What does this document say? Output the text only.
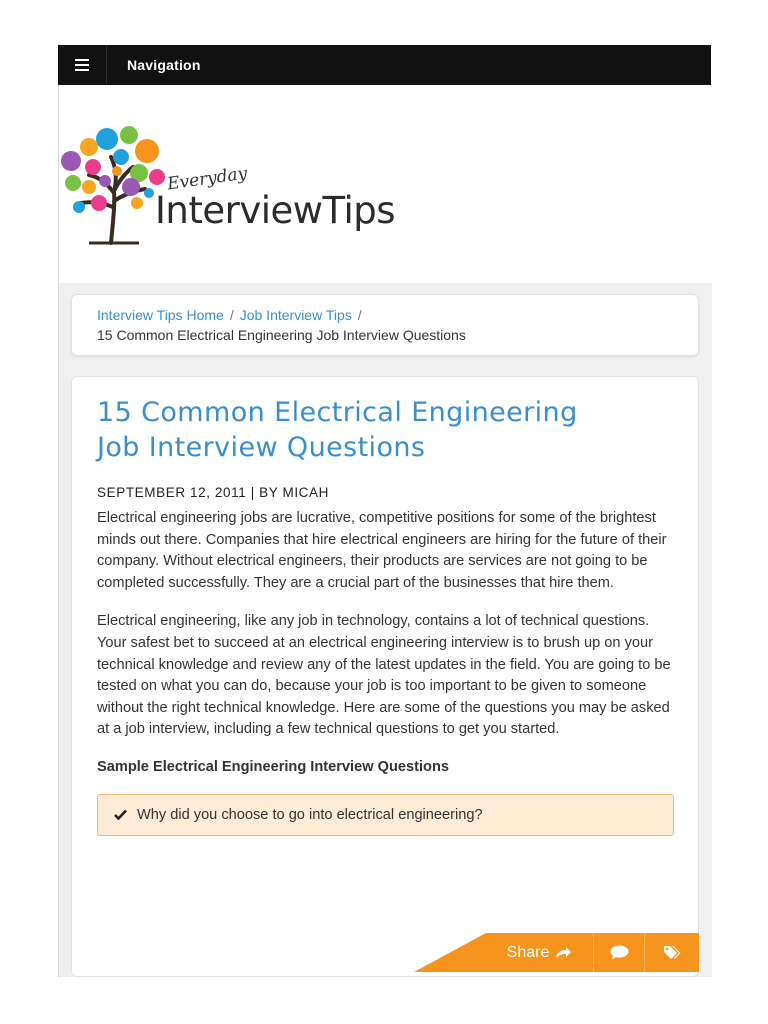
Navigation
Everyday
InterviewTips
Interview Tips Home / Job Interview Tips /
15 Common Electrical Engineering Job Interview Questions
15 Common Electrical Engineering Job Interview Questions
SEPTEMBER 12, 2011 | BY MICAH

Electrical engineering jobs are lucrative, competitive positions for some of the brightest minds out there. Companies that hire electrical engineers are hiring for the future of their company. Without electrical engineers, their products are services are not going to be completed successfully. They are a crucial part of the businesses that hire them.

Electrical engineering, like any job in technology, contains a lot of technical questions. Your safest bet to succeed at an electrical engineering interview is to brush up on your technical knowledge and review any of the latest updates in the field. You are going to be tested on what you can do, because your job is too important to be given to someone without the right technical knowledge. Here are some of the questions you may be asked at a job interview, including a few technical questions to get you started.

Sample Electrical Engineering Interview Questions
Why did you choose to go into electrical engineering?
Share
